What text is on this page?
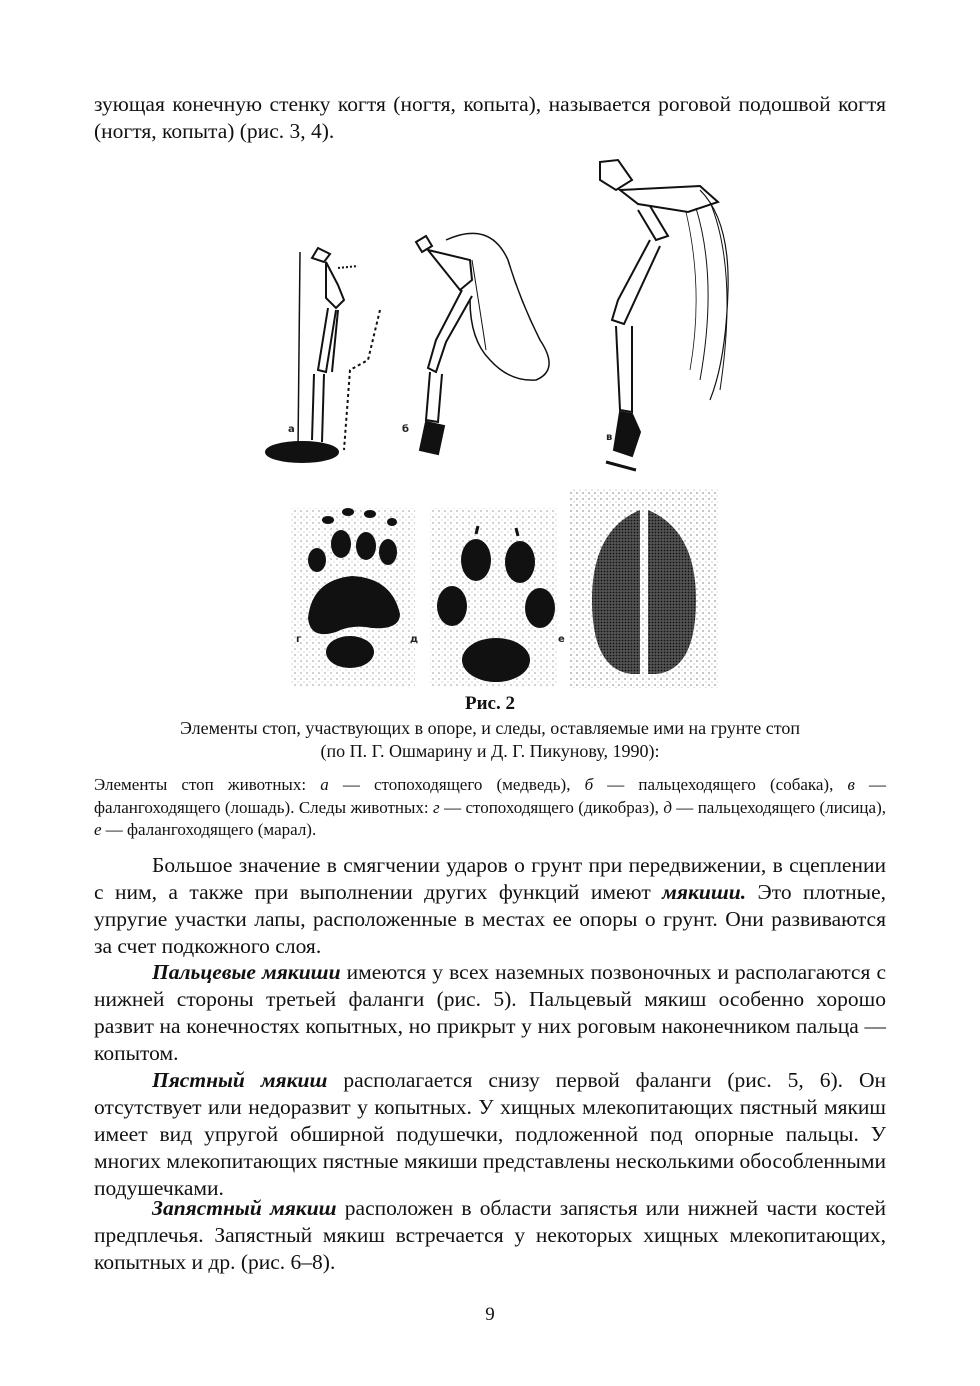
зующая конечную стенку когтя (ногтя, копыта), называется роговой подошвой когтя (ногтя, копыта) (рис. 3, 4).

а	б
в
г	д	е

Рис. 2

Элементы стоп, участвующих в опоре, и следы, оставляемые ими на грунте стоп
(по П. Г. Ошмарину и Д. Г. Пикунову, 1990):

Элементы стоп животных: а — стопоходящего (медведь), б — пальцеходящего (собака), в — фалангоходящего (лошадь). Следы животных: г — стопоходящего (дикобраз), д — пальцеходящего (лисица), е — фалангоходящего (марал).

Большое значение в смягчении ударов о грунт при передвижении, в сцеплении с ним, а также при выполнении других функций имеют мякиши. Это плотные, упругие участки лапы, расположенные в местах ее опоры о грунт. Они развиваются за счет подкожного слоя.

Пальцевые мякиши имеются у всех наземных позвоночных и располагаются с нижней стороны третьей фаланги (рис. 5). Пальцевый мякиш особенно хорошо развит на конечностях копытных, но прикрыт у них роговым наконечником пальца — копытом.

Пястный мякиш располагается снизу первой фаланги (рис. 5, 6). Он отсутствует или недоразвит у копытных. У хищных млекопитающих пястный мякиш имеет вид упругой обширной подушечки, подложенной под опорные пальцы. У многих млекопитающих пястные мякиши представлены несколькими обособленными подушечками.

Запястный мякиш расположен в области запястья или нижней части костей предплечья. Запястный мякиш встречается у некоторых хищных млекопитающих, копытных и др. (рис. 6–8).

9
